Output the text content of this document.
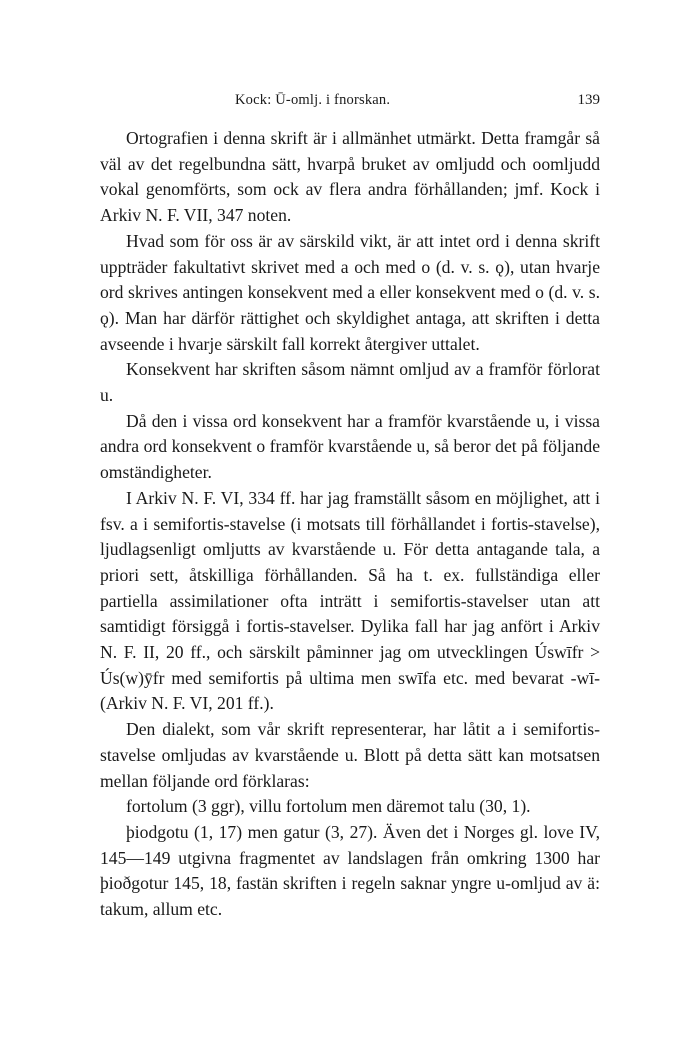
Kock: Ū-omlj. i fnorskan.	139

Ortografien i denna skrift är i allmänhet utmärkt. Detta framgår så väl av det regelbundna sätt, hvarpå bruket av omljudd och oomljudd vokal genomförts, som ock av flera andra förhållanden; jmf. Kock i Arkiv N. F. VII, 347 noten.

Hvad som för oss är av särskild vikt, är att intet ord i denna skrift uppträder fakultativt skrivet med a och med o (d. v. s. ǫ), utan hvarje ord skrives antingen konsekvent med a eller konsekvent med o (d. v. s. ǫ). Man har därför rättighet och skyldighet antaga, att skriften i detta avseende i hvarje särskilt fall korrekt återgiver uttalet.

Konsekvent har skriften såsom nämnt omljud av a framför förlorat u.

Då den i vissa ord konsekvent har a framför kvarstående u, i vissa andra ord konsekvent o framför kvarstående u, så beror det på följande omständigheter.

I Arkiv N. F. VI, 334 ff. har jag framställt såsom en möjlighet, att i fsv. a i semifortis-stavelse (i motsats till förhållandet i fortis-stavelse), ljudlagsenligt omljutts av kvarstående u. För detta antagande tala, a priori sett, åtskilliga förhållanden. Så ha t. ex. fullständiga eller partiella assimilationer ofta inträtt i semifortis-stavelser utan att samtidigt försiggå i fortis-stavelser. Dylika fall har jag anfört i Arkiv N. F. II, 20 ff., och särskilt påminner jag om utvecklingen Úswīfr > Ús(w)ȳfr med semifortis på ultima men swīfa etc. med bevarat -wī- (Arkiv N. F. VI, 201 ff.).

Den dialekt, som vår skrift representerar, har låtit a i semifortis-stavelse omljudas av kvarstående u. Blott på detta sätt kan motsatsen mellan följande ord förklaras:

fortolum (3 ggr), villu fortolum men däremot talu (30, 1).

þiodgotu (1, 17) men gatur (3, 27). Även det i Norges gl. love IV, 145—149 utgivna fragmentet av landslagen från omkring 1300 har þioðgotur 145, 18, fastän skriften i regeln saknar yngre u-omljud av ä: takum, allum etc.
